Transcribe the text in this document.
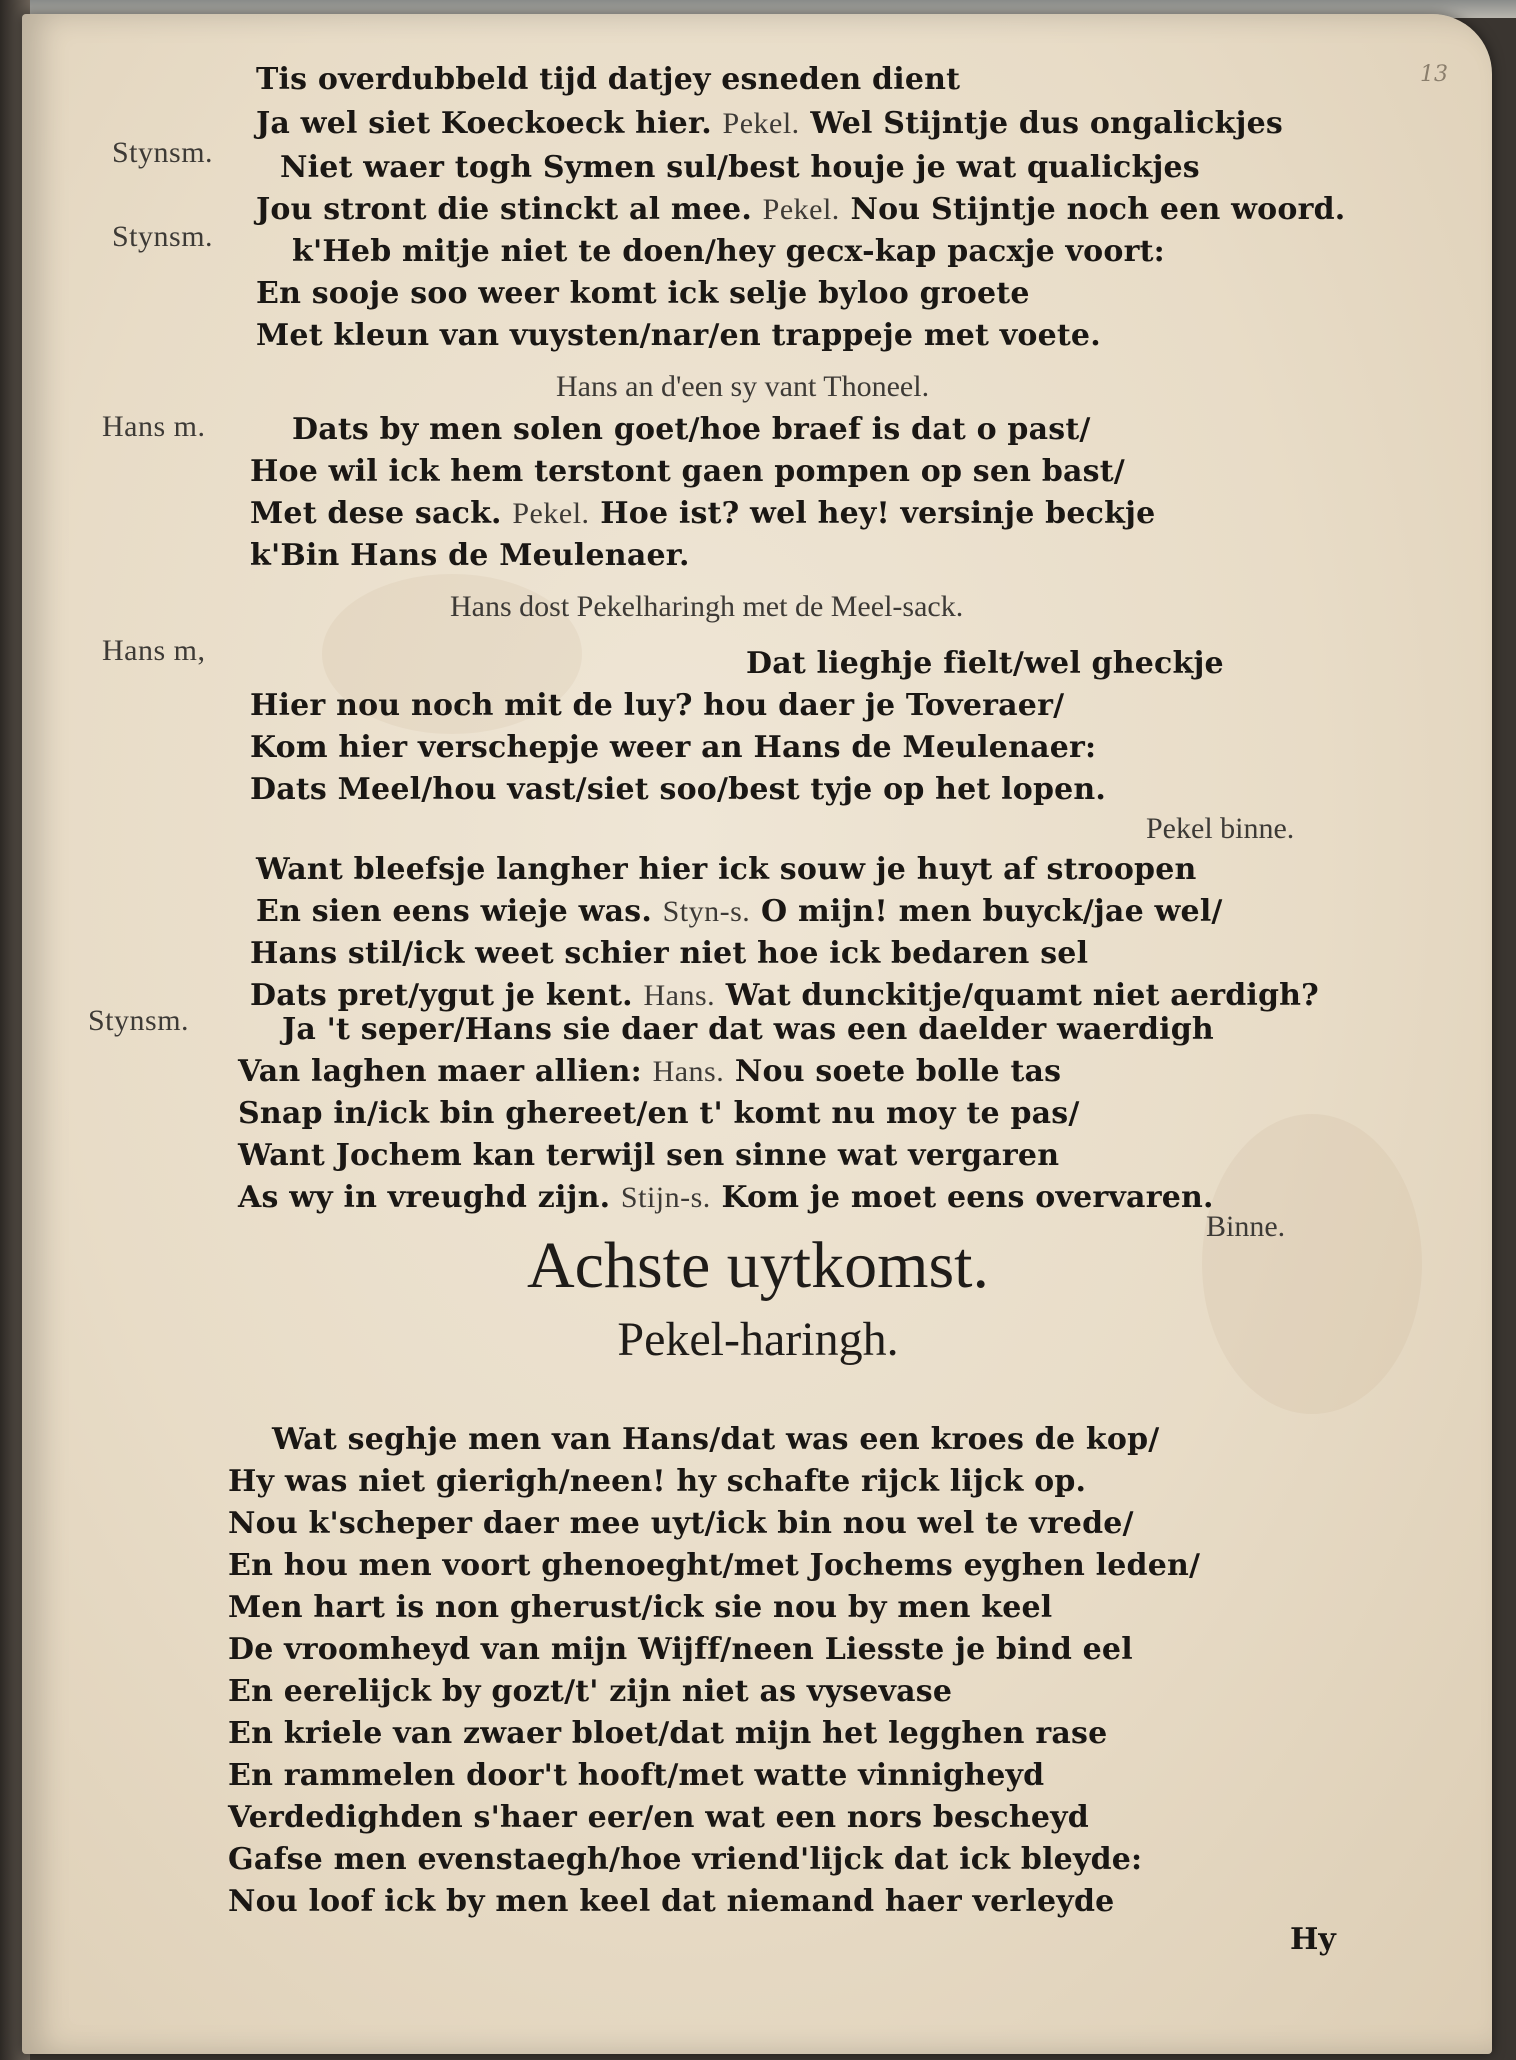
13
Tis overdubbeld tijd datjey esneden dient
Ja wel siet Koeckoeck hier. Pekel. Wel Stijntje dus ongalickjes
Stynsm. Niet waer togh Symen sul/best houje je wat qualickjes
Jou stront die stinckt al mee. Pekel. Nou Stijntje noch een woord.
Stynsm.	k'Heb mitje niet te doen/hey gecx-kap pacxje voort:
En sooje soo weer komt ick selje byloo groete
Met kleun van vuysten/nar/en trappeje met voete.
Hans an d'een sy vant Thoneel.
Hans m.	Dats by men solen goet/hoe braef is dat o past/
Hoe wil ick hem terstont gaen pompen op sen bast/
Met dese sack. Pekel. Hoe ist? wel hey! versinje beckje
k'Bin Hans de Meulenaer.
Hans dost Pekelharingh met de Meel-sack.
Hans m,	Dat lieghje fielt/wel gheckje
Hier nou noch mit de luy? hou daer je Toveraer/
Kom hier verschepje weer an Hans de Meulenaer:
Dats Meel/hou vast/siet soo/best tyje op het lopen.
Pekel binne.
Want bleefsje langher hier ick souw je huyt af stroopen
En sien eens wieje was. Styn-s. O mijn! men buyck/jae wel/
Hans stil/ick weet schier niet hoe ick bedaren sel
Dats pret/ygut je kent. Hans. Wat dunckitje/quamt niet aerdigh?
Stynsm.	Ja 't seper/Hans sie daer dat was een daelder waerdigh
Van laghen maer allien: Hans. Nou soete bolle tas
Snap in/ick bin ghereet/en t' komt nu moy te pas/
Want Jochem kan terwijl sen sinne wat vergaren
As wy in vreughd zijn. Stijn-s. Kom je moet eens overvaren.
Binne.
Achste uytkomst.
Pekel-haringh.
Wat seghje men van Hans/dat was een kroes de kop/
Hy was niet gierigh/neen! hy schafte rijck lijck op.
Nou k'scheper daer mee uyt/ick bin nou wel te vrede/
En hou men voort ghenoeght/met Jochems eyghen leden/
Men hart is non gherust/ick sie nou by men keel
De vroomheyd van mijn Wijff/neen Liesste je bind eel
En eerelijck by gozt/t' zijn niet as vysevase
En kriele van zwaer bloet/dat mijn het legghen rase
En rammelen door't hooft/met watte vinnigheyd
Verdedighden s'haer eer/en wat een nors bescheyd
Gafse men evenstaegh/hoe vriend'lijck dat ick bleyde:
Nou loof ick by men keel dat niemand haer verleyde
Hy
